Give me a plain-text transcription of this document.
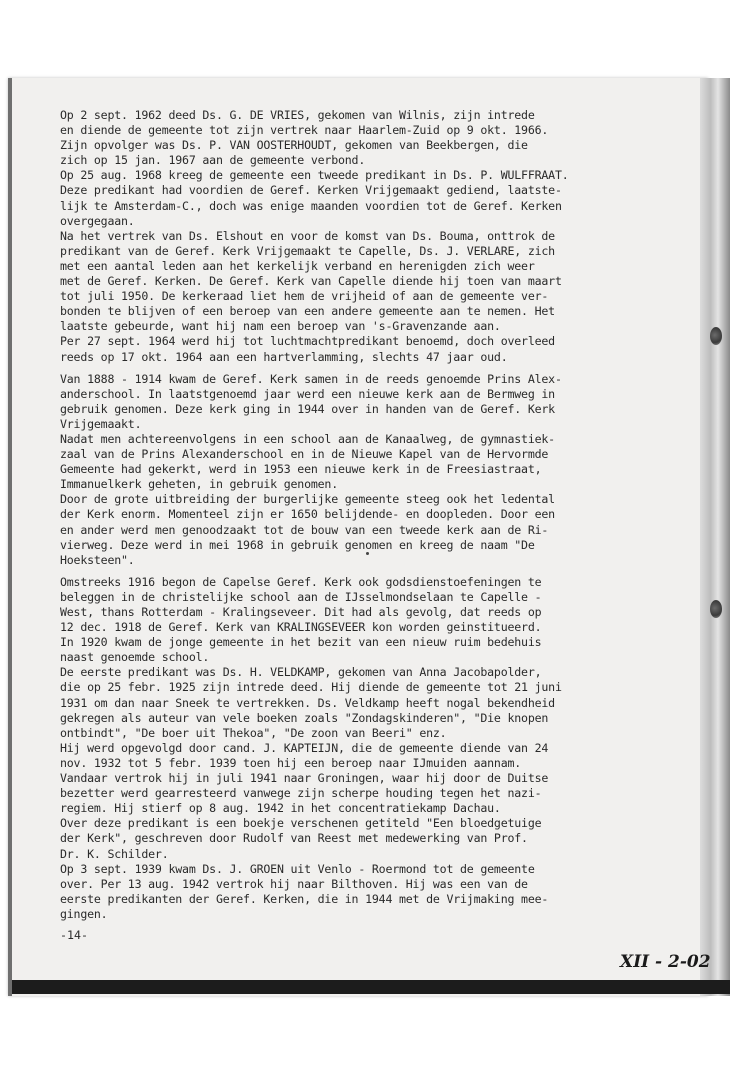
Op 2 sept. 1962 deed Ds. G. DE VRIES, gekomen van Wilnis, zijn intrede
en diende de gemeente tot zijn vertrek naar Haarlem-Zuid op 9 okt. 1966.
Zijn opvolger was Ds. P. VAN OOSTERHOUDT, gekomen van Beekbergen, die
zich op 15 jan. 1967 aan de gemeente verbond.
Op 25 aug. 1968 kreeg de gemeente een tweede predikant in Ds. P. WULFFRAAT.
Deze predikant had voordien de Geref. Kerken Vrijgemaakt gediend, laatste-
lijk te Amsterdam-C., doch was enige maanden voordien tot de Geref. Kerken
overgegaan.
Na het vertrek van Ds. Elshout en voor de komst van Ds. Bouma, onttrok de
predikant van de Geref. Kerk Vrijgemaakt te Capelle, Ds. J. VERLARE, zich
met een aantal leden aan het kerkelijk verband en herenigden zich weer
met de Geref. Kerken. De Geref. Kerk van Capelle diende hij toen van maart
tot juli 1950. De kerkeraad liet hem de vrijheid of aan de gemeente ver-
bonden te blijven of een beroep van een andere gemeente aan te nemen. Het
laatste gebeurde, want hij nam een beroep van 's-Gravenzande aan.
Per 27 sept. 1964 werd hij tot luchtmachtpredikant benoemd, doch overleed
reeds op 17 okt. 1964 aan een hartverlamming, slechts 47 jaar oud.
Van 1888 - 1914 kwam de Geref. Kerk samen in de reeds genoemde Prins Alex-
anderschool. In laatstgenoemd jaar werd een nieuwe kerk aan de Bermweg in
gebruik genomen. Deze kerk ging in 1944 over in handen van de Geref. Kerk
Vrijgemaakt.
Nadat men achtereenvolgens in een school aan de Kanaalweg, de gymnastiek-
zaal van de Prins Alexanderschool en in de Nieuwe Kapel van de Hervormde
Gemeente had gekerkt, werd in 1953 een nieuwe kerk in de Freesiastraat,
Immanuelkerk geheten, in gebruik genomen.
Door de grote uitbreiding der burgerlijke gemeente steeg ook het ledental
der Kerk enorm. Momenteel zijn er 1650 belijdende- en doopleden. Door een
en ander werd men genoodzaakt tot de bouw van een tweede kerk aan de Ri-
vierweg. Deze werd in mei 1968 in gebruik genomen en kreeg de naam "De
Hoeksteen".
Omstreeks 1916 begon de Capelse Geref. Kerk ook godsdienstoefeningen te
beleggen in de christelijke school aan de IJsselmondselaan te Capelle -
West, thans Rotterdam - Kralingseveer. Dit had als gevolg, dat reeds op
12 dec. 1918 de Geref. Kerk van KRALINGSEVEER kon worden geinstitueerd.
In 1920 kwam de jonge gemeente in het bezit van een nieuw ruim bedehuis
naast genoemde school.
De eerste predikant was Ds. H. VELDKAMP, gekomen van Anna Jacobapolder,
die op 25 febr. 1925 zijn intrede deed. Hij diende de gemeente tot 21 juni
1931 om dan naar Sneek te vertrekken. Ds. Veldkamp heeft nogal bekendheid
gekregen als auteur van vele boeken zoals "Zondagskinderen", "Die knopen
ontbindt", "De boer uit Thekoa", "De zoon van Beeri" enz.
Hij werd opgevolgd door cand. J. KAPTEIJN, die de gemeente diende van 24
nov. 1932 tot 5 febr. 1939 toen hij een beroep naar IJmuiden aannam.
Vandaar vertrok hij in juli 1941 naar Groningen, waar hij door de Duitse
bezetter werd gearresteerd vanwege zijn scherpe houding tegen het nazi-
regiem. Hij stierf op 8 aug. 1942 in het concentratiekamp Dachau.
Over deze predikant is een boekje verschenen getiteld "Een bloedgetuige
der Kerk", geschreven door Rudolf van Reest met medewerking van Prof.
Dr. K. Schilder.
Op 3 sept. 1939 kwam Ds. J. GROEN uit Venlo - Roermond tot de gemeente
over. Per 13 aug. 1942 vertrok hij naar Bilthoven. Hij was een van de
eerste predikanten der Geref. Kerken, die in 1944 met de Vrijmaking mee-
gingen.
-14-
XII - 2-02
